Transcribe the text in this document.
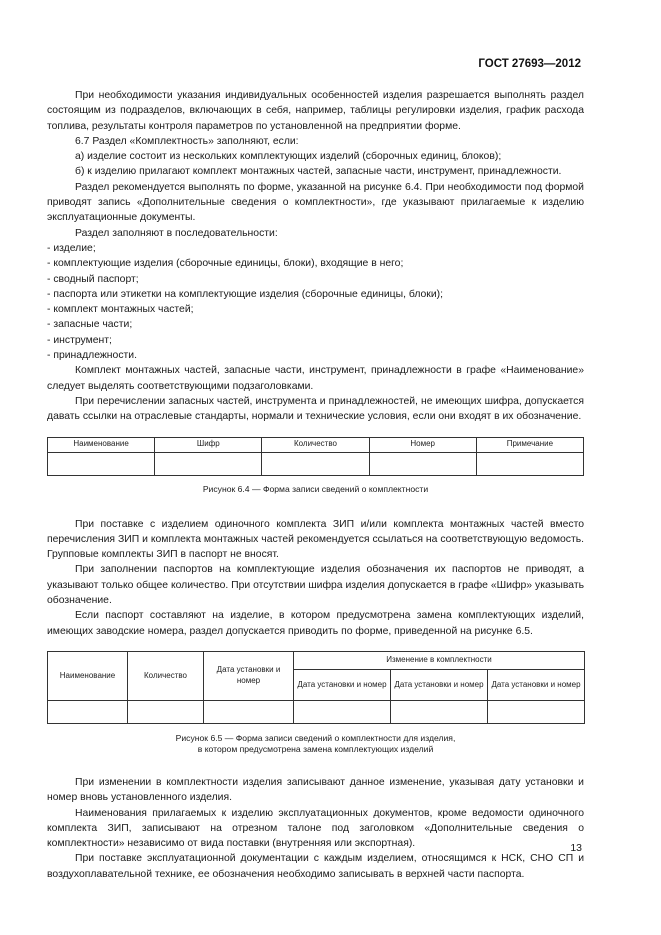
ГОСТ 27693—2012

При необходимости указания индивидуальных особенностей изделия разрешается выполнять раздел состоящим из подразделов, включающих в себя, например, таблицы регулировки изделия, график расхода топлива, результаты контроля параметров по установленной на предприятии форме.

6.7 Раздел «Комплектность» заполняют, если:

а) изделие состоит из нескольких комплектующих изделий (сборочных единиц, блоков);

б) к изделию прилагают комплект монтажных частей, запасные части, инструмент, принадлежности.

Раздел рекомендуется выполнять по форме, указанной на рисунке 6.4. При необходимости под формой приводят запись «Дополнительные сведения о комплектности», где указывают прилагаемые к изделию эксплуатационные документы.

Раздел заполняют в последовательности:

- изделие;

- комплектующие изделия (сборочные единицы, блоки), входящие в него;

- сводный паспорт;

- паспорта или этикетки на комплектующие изделия (сборочные единицы, блоки);

- комплект монтажных частей;

- запасные части;

- инструмент;

- принадлежности.

Комплект монтажных частей, запасные части, инструмент, принадлежности в графе «Наименование» следует выделять соответствующими подзаголовками.

При перечислении запасных частей, инструмента и принадлежностей, не имеющих шифра, допускается давать ссылки на отраслевые стандарты, нормали и технические условия, если они входят в их обозначение.

Наименование	Шифр	Количество	Номер	Примечание

Рисунок 6.4 — Форма записи сведений о комплектности

При поставке с изделием одиночного комплекта ЗИП и/или комплекта монтажных частей вместо перечисления ЗИП и комплекта монтажных частей рекомендуется ссылаться на соответствующую ведомость. Групповые комплекты ЗИП в паспорт не вносят.

При заполнении паспортов на комплектующие изделия обозначения их паспортов не приводят, а указывают только общее количество. При отсутствии шифра изделия допускается в графе «Шифр» указывать обозначение.

Если паспорт составляют на изделие, в котором предусмотрена замена комплектующих изделий, имеющих заводские номера, раздел допускается приводить по форме, приведенной на рисунке 6.5.

Наименование	Количество	Дата установки и номер	Изменение в комплектности		
			Дата установки и номер	Дата установки и номер	Дата установки и номер

Рисунок 6.5 — Форма записи сведений о комплектности для изделия,
в котором предусмотрена замена комплектующих изделий

При изменении в комплектности изделия записывают данное изменение, указывая дату установки и номер вновь установленного изделия.

Наименования прилагаемых к изделию эксплуатационных документов, кроме ведомости одиночного комплекта ЗИП, записывают на отрезном талоне под заголовком «Дополнительные сведения о комплектности» независимо от вида поставки (внутренняя или экспортная).

При поставке эксплуатационной документации с каждым изделием, относящимся к НСК, СНО СП и воздухоплавательной технике, ее обозначения необходимо записывать в верхней части паспорта.

13
